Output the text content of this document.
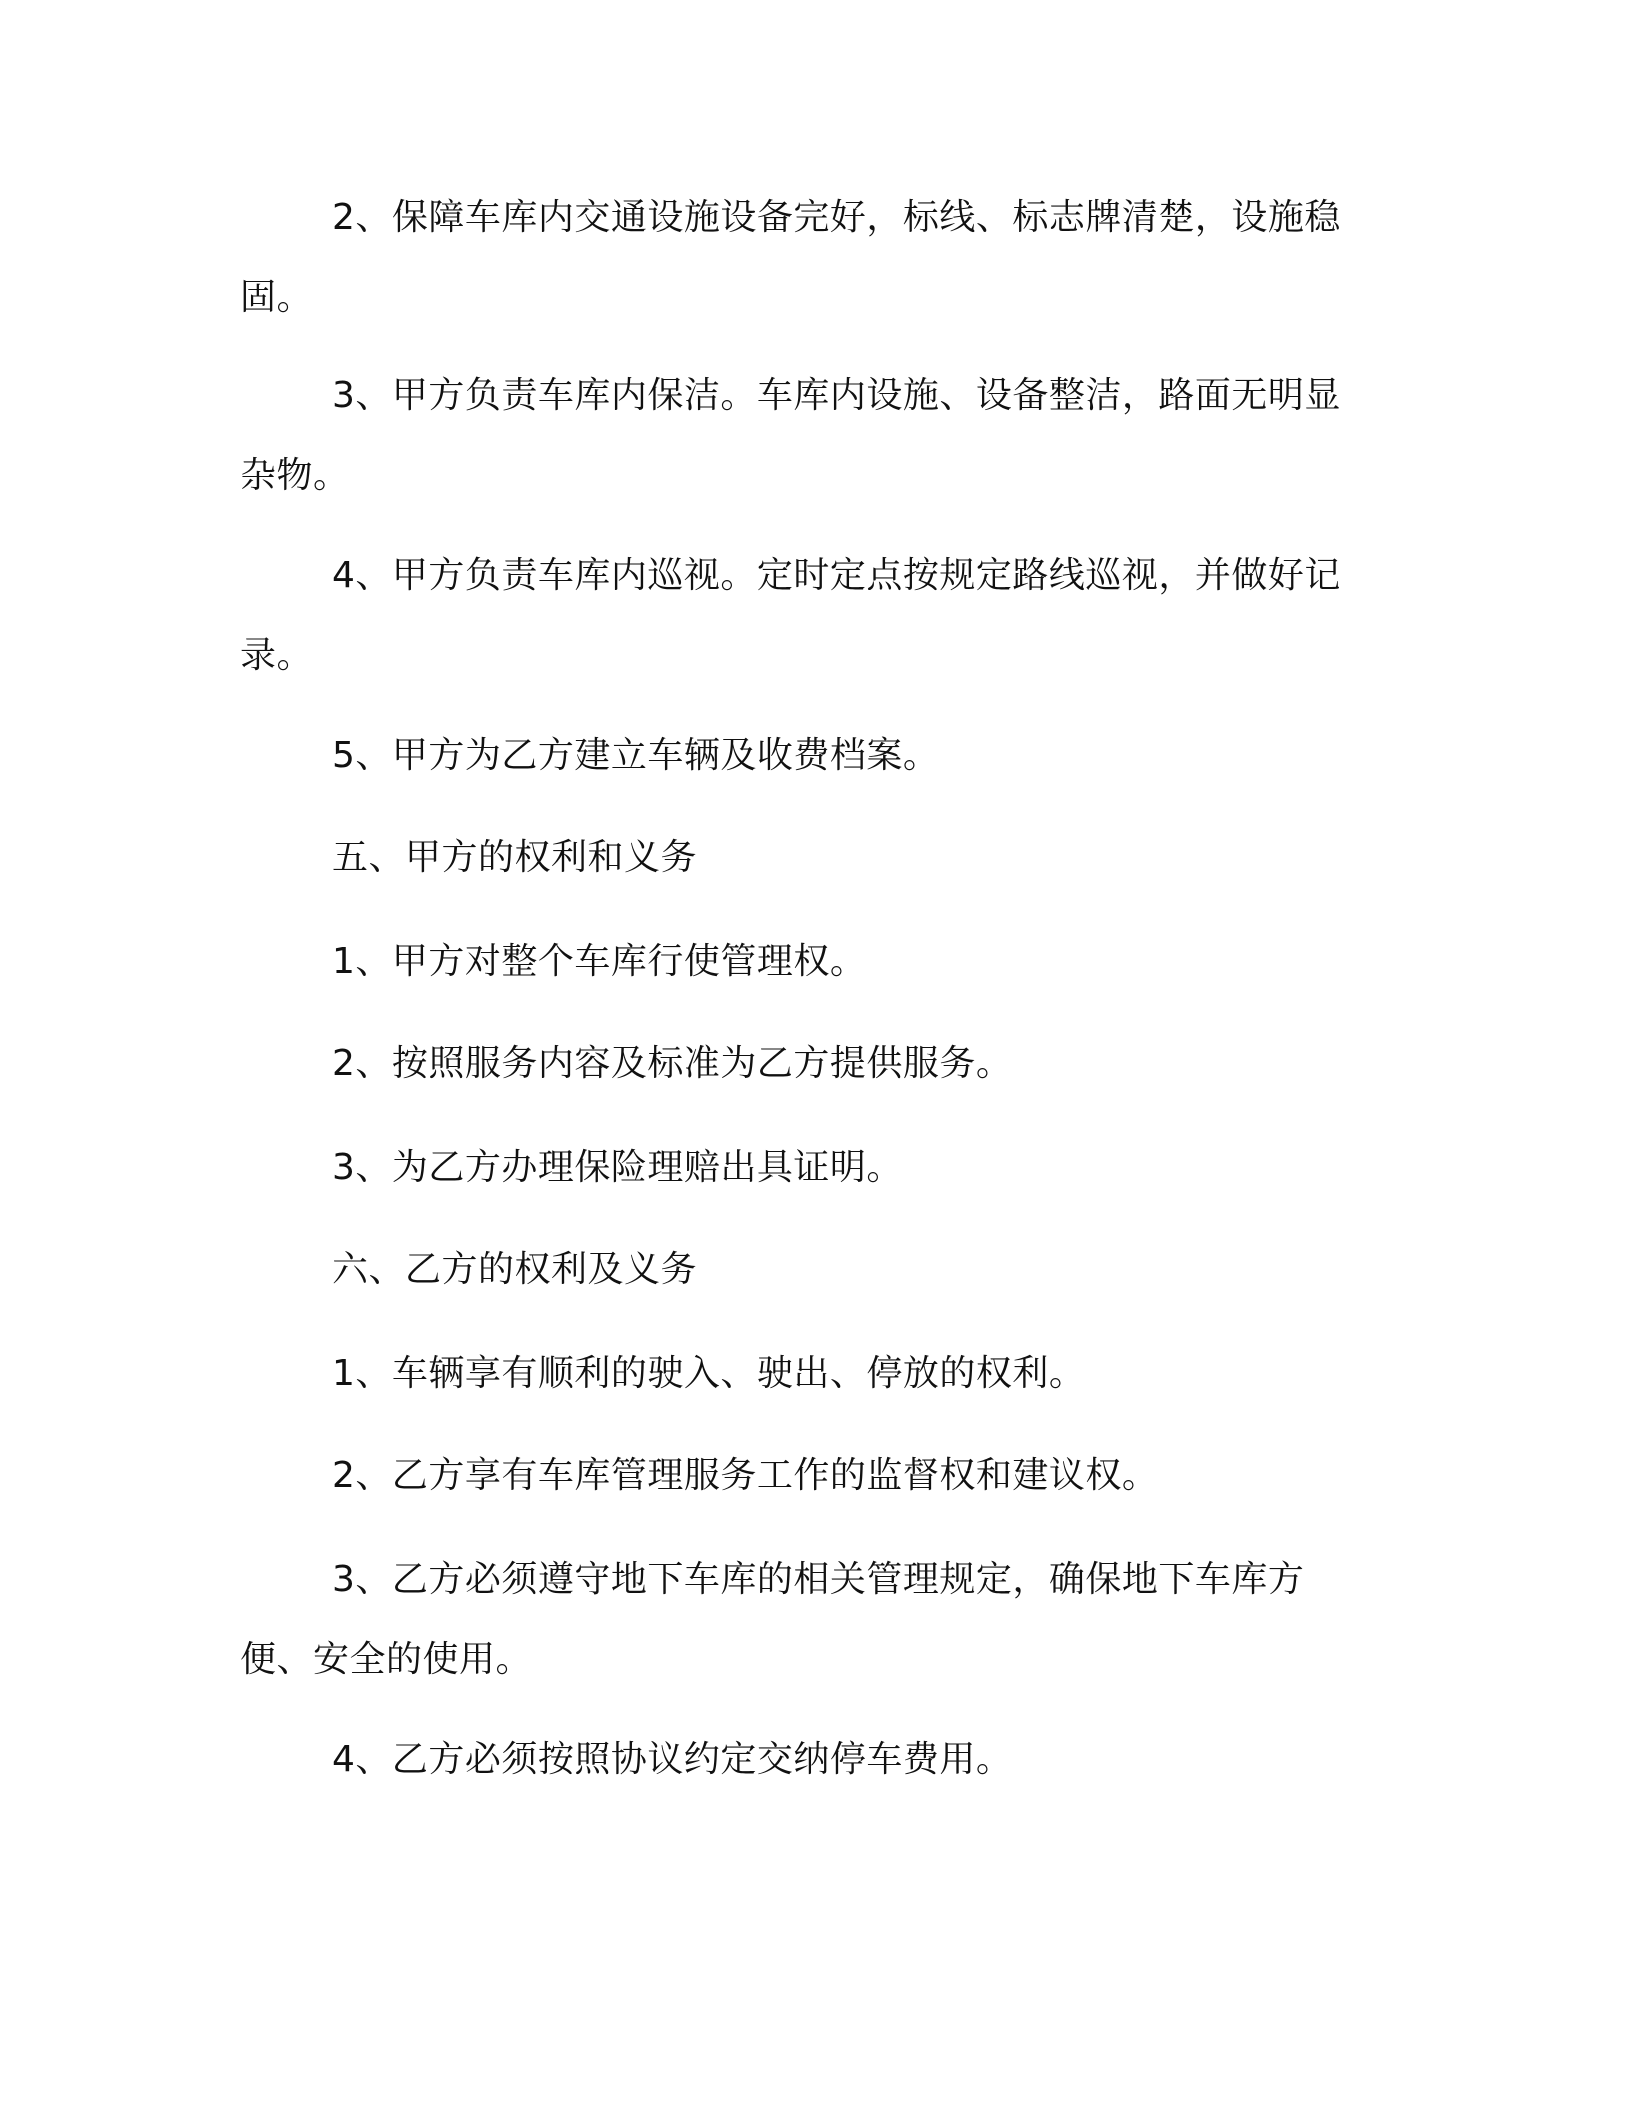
2、保障车库内交通设施设备完好，标线、标志牌清楚，设施稳固。

3、甲方负责车库内保洁。车库内设施、设备整洁，路面无明显杂物。

4、甲方负责车库内巡视。定时定点按规定路线巡视，并做好记录。

5、甲方为乙方建立车辆及收费档案。

五、甲方的权利和义务

1、甲方对整个车库行使管理权。

2、按照服务内容及标准为乙方提供服务。

3、为乙方办理保险理赔出具证明。

六、乙方的权利及义务

1、车辆享有顺利的驶入、驶出、停放的权利。

2、乙方享有车库管理服务工作的监督权和建议权。

3、乙方必须遵守地下车库的相关管理规定，确保地下车库方便、安全的使用。

4、乙方必须按照协议约定交纳停车费用。
